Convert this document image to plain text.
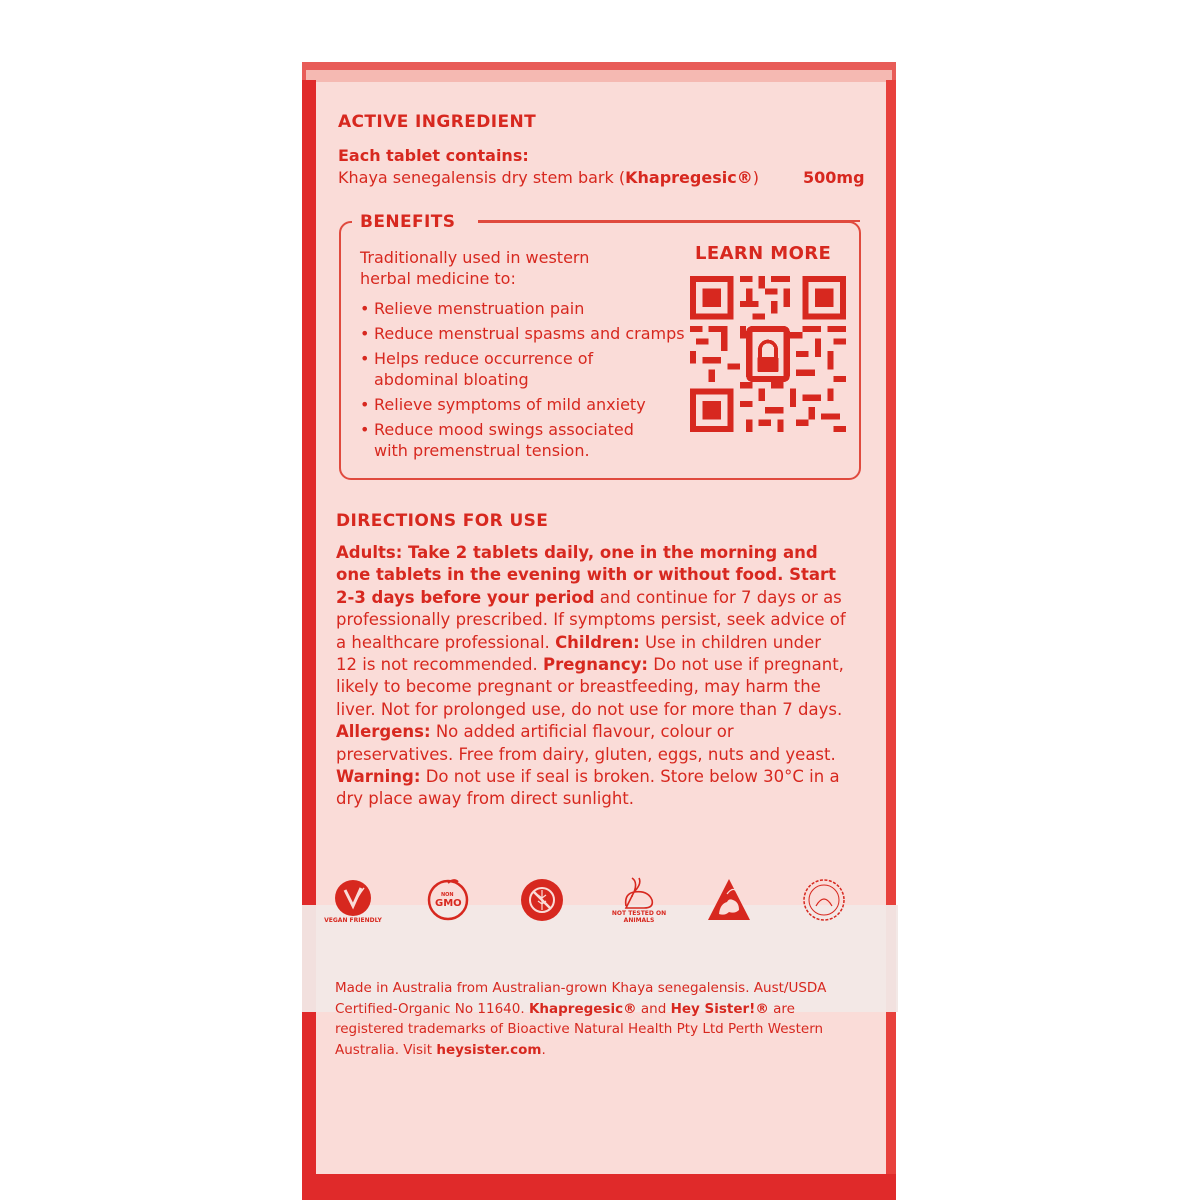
ACTIVE INGREDIENT
Each tablet contains:
Khaya senegalensis dry stem bark (Khapregesic®)	500mg
BENEFITS
Traditionally used in western
herbal medicine to:
• Relieve menstruation pain
• Reduce menstrual spasms and cramps
• Helps reduce occurrence of abdominal bloating
• Relieve symptoms of mild anxiety
• Reduce mood swings associated with premenstrual tension.
LEARN MORE
DIRECTIONS FOR USE
Adults: Take 2 tablets daily, one in the morning and one tablets in the evening with or without food. Start 2-3 days before your period and continue for 7 days or as professionally prescribed. If symptoms persist, seek advice of a healthcare professional. Children: Use in children under 12 is not recommended. Pregnancy: Do not use if pregnant, likely to become pregnant or breastfeeding, may harm the liver. Not for prolonged use, do not use for more than 7 days. Allergens: No added artificial flavour, colour or preservatives. Free from dairy, gluten, eggs, nuts and yeast. Warning: Do not use if seal is broken. Store below 30°C in a dry place away from direct sunlight.
VEGAN FRIENDLY
NON
GMO
NOT TESTED ON ANIMALS
Made in Australia from Australian-grown Khaya senegalensis. Aust/USDA Certified-Organic No 11640. Khapregesic® and Hey Sister!® are registered trademarks of Bioactive Natural Health Pty Ltd Perth Western Australia. Visit heysister.com.
